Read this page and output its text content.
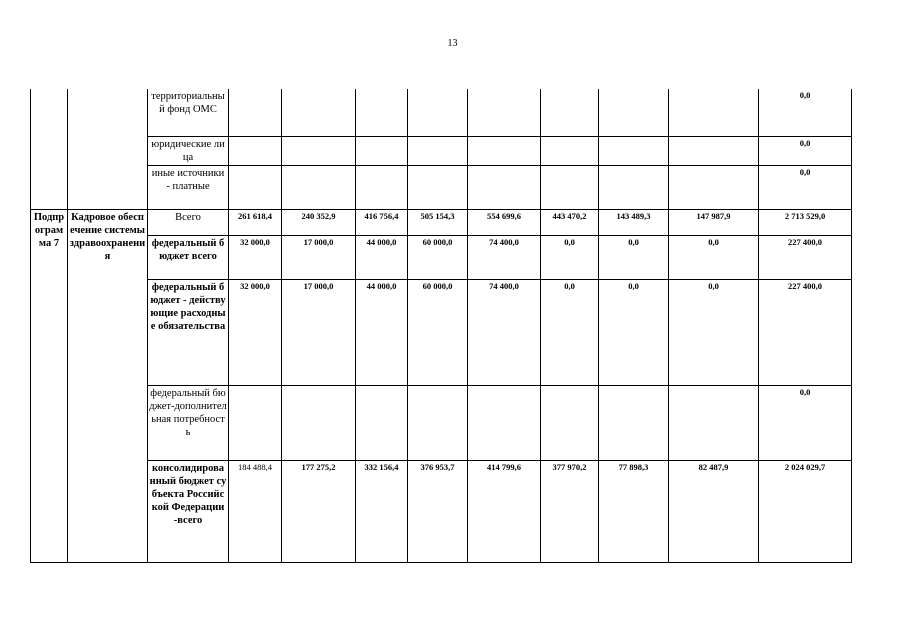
13
		территориальный фонд ОМС									0,0
		юридические лица									0,0
		иные источники - платные									0,0
Подпрограмма 7	Кадровое обеспечение системы здравоохранения	Всего	261 618,4	240 352,9	416 756,4	505 154,3	554 699,6	443 470,2	143 489,3	147 987,9	2 713 529,0
		федеральный бюджет всего	32 000,0	17 000,0	44 000,0	60 000,0	74 400,0	0,0	0,0	0,0	227 400,0
		федеральный бюджет - действующие расходные обязательства	32 000,0	17 000,0	44 000,0	60 000,0	74 400,0	0,0	0,0	0,0	227 400,0
		федеральный бюджет-дополнительная потребность									0,0
		консолидированный бюджет субъекта Российской Федерации -всего	184 488,4	177 275,2	332 156,4	376 953,7	414 799,6	377 970,2	77 898,3	82 487,9	2 024 029,7
